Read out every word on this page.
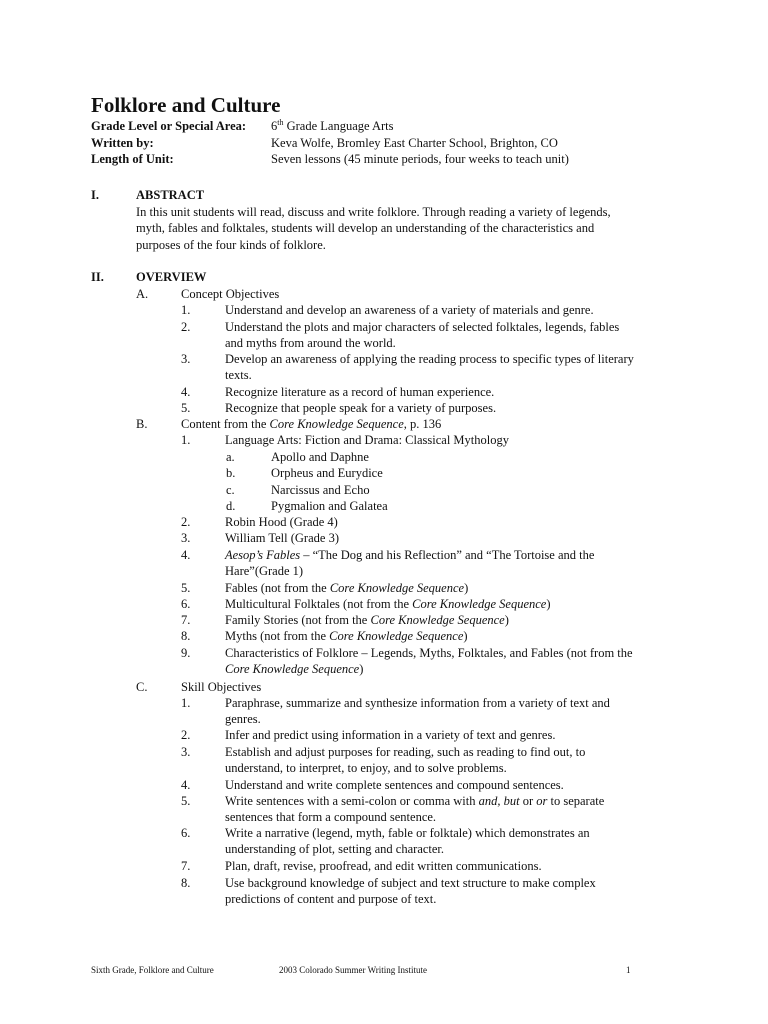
Folklore and Culture
Grade Level or Special Area: 6th Grade Language Arts
Written by:	Keva Wolfe, Bromley East Charter School, Brighton, CO
Length of Unit:	Seven lessons (45 minute periods, four weeks to teach unit)
I.	ABSTRACT

In this unit students will read, discuss and write folklore. Through reading a variety of legends,
myth, fables and folktales, students will develop an understanding of the characteristics and
purposes of the four kinds of folklore.

II.	OVERVIEW
A.	Concept Objectives
1.	Understand and develop an awareness of a variety of materials and genre.
2.	Understand the plots and major characters of selected folktales, legends, fables
and myths from around the world.
3.	Develop an awareness of applying the reading process to specific types of literary
texts.
4.	Recognize literature as a record of human experience.
5.	Recognize that people speak for a variety of purposes.
B.	Content from the Core Knowledge Sequence, p. 136
1.	Language Arts: Fiction and Drama: Classical Mythology
a.	Apollo and Daphne
b.	Orpheus and Eurydice
c.	Narcissus and Echo
d.	Pygmalion and Galatea
2.	Robin Hood (Grade 4)
3.	William Tell (Grade 3)
4.	Aesop’s Fables – “The Dog and his Reflection” and “The Tortoise and the
Hare”(Grade 1)
5.	Fables (not from the Core Knowledge Sequence)
6.	Multicultural Folktales (not from the Core Knowledge Sequence)
7.	Family Stories (not from the Core Knowledge Sequence)
8.	Myths (not from the Core Knowledge Sequence)
9.	Characteristics of Folklore – Legends, Myths, Folktales, and Fables (not from the
Core Knowledge Sequence)
C.	Skill Objectives
1.	Paraphrase, summarize and synthesize information from a variety of text and
genres.
2.	Infer and predict using information in a variety of text and genres.
3.	Establish and adjust purposes for reading, such as reading to find out, to
understand, to interpret, to enjoy, and to solve problems.
4.	Understand and write complete sentences and compound sentences.
5.	Write sentences with a semi-colon or comma with and, but or or to separate
sentences that form a compound sentence.
6.	Write a narrative (legend, myth, fable or folktale) which demonstrates an
understanding of plot, setting and character.
7.	Plan, draft, revise, proofread, and edit written communications.
8.	Use background knowledge of subject and text structure to make complex
predictions of content and purpose of text.
Sixth Grade, Folklore and Culture	2003 Colorado Summer Writing Institute	1
